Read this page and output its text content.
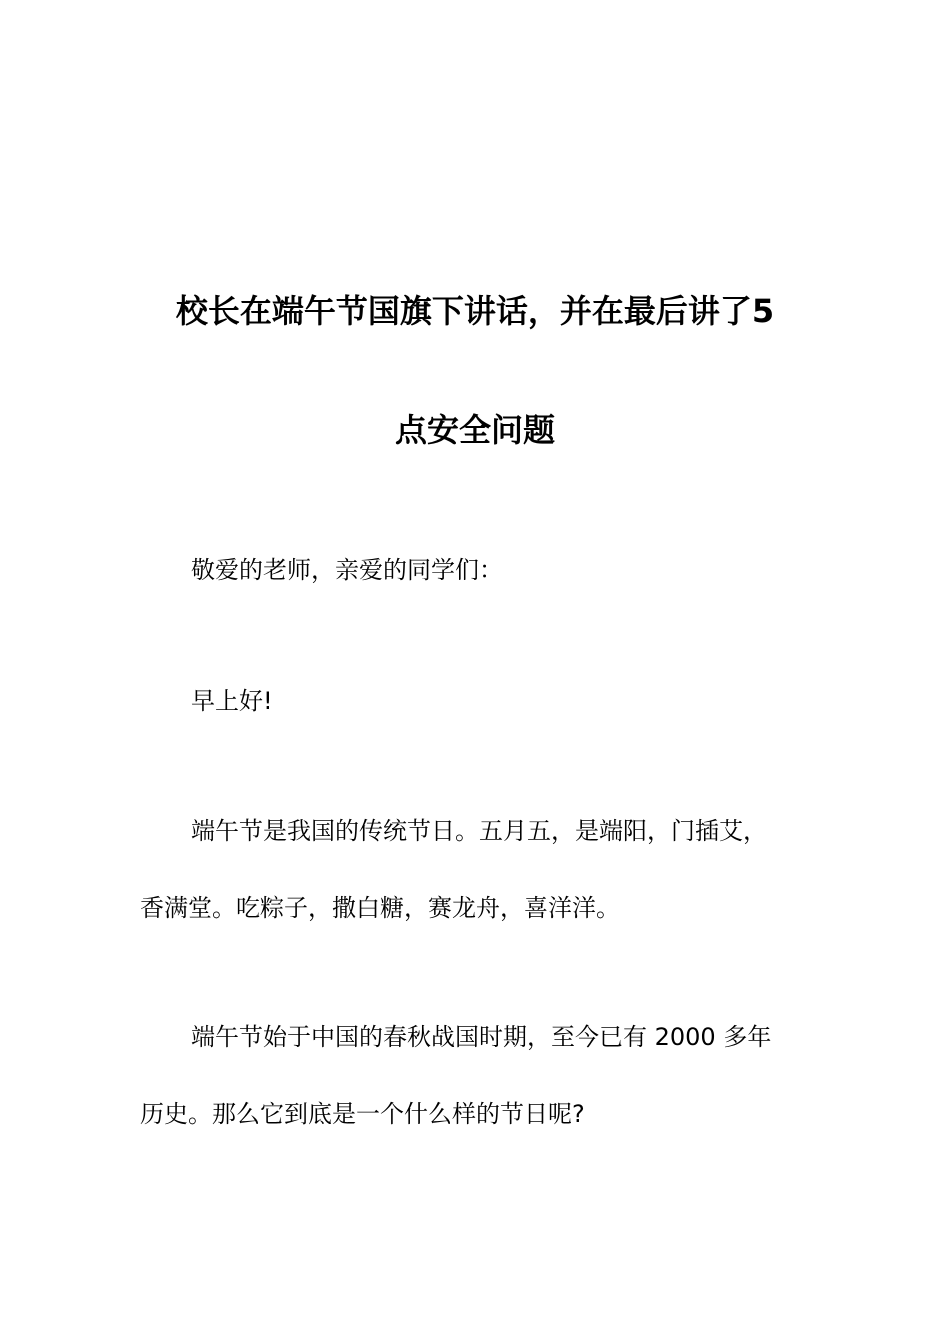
校长在端午节国旗下讲话，并在最后讲了5
点安全问题
敬爱的老师，亲爱的同学们：
早上好!
端午节是我国的传统节日。五月五，是端阳，门插艾，
香满堂。吃粽子，撒白糖，赛龙舟，喜洋洋。
端午节始于中国的春秋战国时期，至今已有 2000 多年
历史。那么它到底是一个什么样的节日呢?
